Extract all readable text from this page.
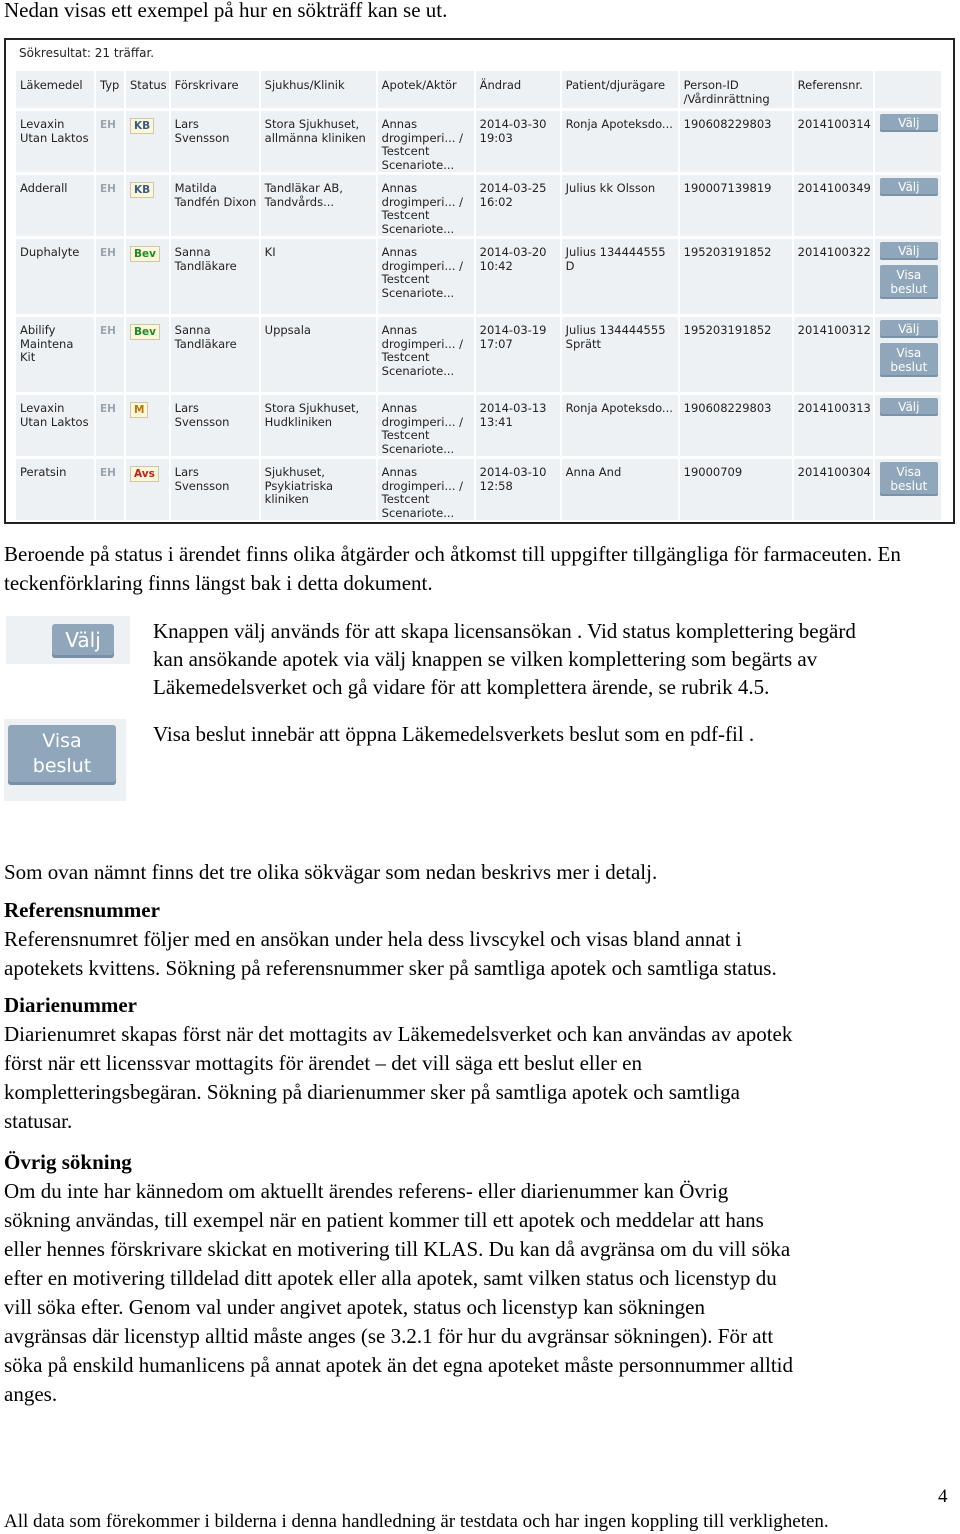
Nedan visas ett exempel på hur en sökträff kan se ut.

Sökresultat: 21 träffar.
Läkemedel	Typ	Status	Förskrivare	Sjukhus/Klinik	Apotek/Aktör	Ändrad	Patient/djurägare	Person-ID /Vårdinrättning	Referensnr.	
Levaxin Utan Laktos	EH	KB	Lars Svensson	Stora Sjukhuset, allmänna kliniken	Annas drogimperi... / Testcent Scenariote...	2014-03-30 19:03	Ronja Apoteksdo...	190608229803	2014100314	Välj

Adderall	EH	KB	Matilda Tandfén Dixon	Tandläkar AB, Tandvårds...	Annas drogimperi... / Testcent Scenariote...	2014-03-25 16:02	Julius kk Olsson	190007139819	2014100349	Välj

Duphalyte	EH	Bev	Sanna Tandläkare	KI	Annas drogimperi... / Testcent Scenariote...	2014-03-20 10:42	Julius 134444555 D	195203191852	2014100322	Välj
Visa beslut

Abilify Maintena Kit	EH	Bev	Sanna Tandläkare	Uppsala	Annas drogimperi... / Testcent Scenariote...	2014-03-19 17:07	Julius 134444555 Sprätt	195203191852	2014100312	Välj
Visa beslut

Levaxin Utan Laktos	EH	M	Lars Svensson	Stora Sjukhuset, Hudkliniken	Annas drogimperi... / Testcent Scenariote...	2014-03-13 13:41	Ronja Apoteksdo...	190608229803	2014100313	Välj

Peratsin	EH	Avs	Lars Svensson	Sjukhuset, Psykiatriska kliniken	Annas drogimperi... / Testcent Scenariote...	2014-03-10 12:58	Anna And	19000709	2014100304	Visa beslut

Beroende på status i ärendet finns olika åtgärder och åtkomst till uppgifter tillgängliga för farmaceuten. En teckenförklaring finns längst bak i detta dokument.

Välj
Visa beslut

Knappen välj används för att skapa licensansökan . Vid status komplettering begärd

kan ansökande apotek via välj knappen se vilken komplettering som begärts av

Läkemedelsverket och gå vidare för att komplettera ärende, se rubrik 4.5.

Visa beslut innebär att öppna Läkemedelsverkets beslut som en pdf-fil .

Som ovan nämnt finns det tre olika sökvägar som nedan beskrivs mer i detalj.

Referensnummer

Referensnumret följer med en ansökan under hela dess livscykel och visas bland annat i

apotekets kvittens. Sökning på referensnummer sker på samtliga apotek och samtliga status.

Diarienummer

Diarienumret skapas först när det mottagits av Läkemedelsverket och kan användas av apotek

först när ett licenssvar mottagits för ärendet – det vill säga ett beslut eller en

kompletteringsbegäran. Sökning på diarienummer sker på samtliga apotek och samtliga

statusar.

Övrig sökning

Om du inte har kännedom om aktuellt ärendes referens- eller diarienummer kan Övrig

sökning användas, till exempel när en patient kommer till ett apotek och meddelar att hans

eller hennes förskrivare skickat en motivering till KLAS. Du kan då avgränsa om du vill söka

efter en motivering tilldelad ditt apotek eller alla apotek, samt vilken status och licenstyp du

vill söka efter. Genom val under angivet apotek, status och licenstyp kan sökningen

avgränsas där licenstyp alltid måste anges (se 3.2.1 för hur du avgränsar sökningen). För att

söka på enskild humanlicens på annat apotek än det egna apoteket måste personnummer alltid

anges.

4
All data som förekommer i bilderna i denna handledning är testdata och har ingen koppling till verkligheten.
